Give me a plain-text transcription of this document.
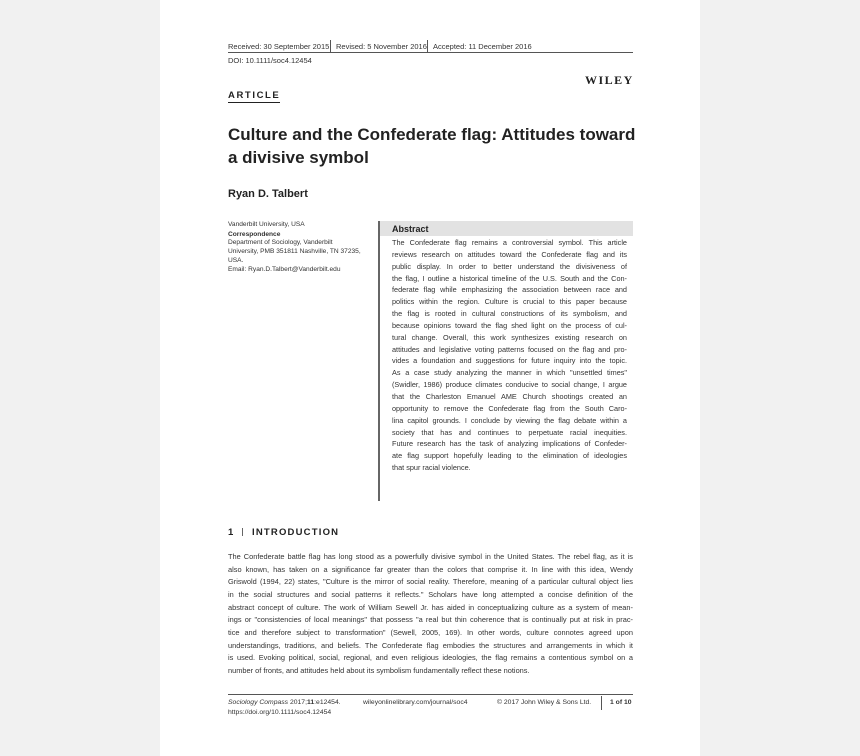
Received: 30 September 2015 Revised: 5 November 2016 Accepted: 11 December 2016
DOI: 10.1111/soc4.12454
WILEY
ARTICLE
Culture and the Confederate flag: Attitudes toward
a divisive symbol
Ryan D. Talbert
Vanderbilt University, USA
Correspondence
Department of Sociology, Vanderbilt
University, PMB 351811 Nashville, TN 37235,
USA.
Email: Ryan.D.Talbert@Vanderbilt.edu
Abstract
The Confederate flag remains a controversial symbol. This article
reviews research on attitudes toward the Confederate flag and its
public display. In order to better understand the divisiveness of
the flag, I outline a historical timeline of the U.S. South and the Con-
federate flag while emphasizing the association between race and
politics within the region. Culture is crucial to this paper because
the flag is rooted in cultural constructions of its symbolism, and
because opinions toward the flag shed light on the process of cul-
tural change. Overall, this work synthesizes existing research on
attitudes and legislative voting patterns focused on the flag and pro-
vides a foundation and suggestions for future inquiry into the topic.
As a case study analyzing the manner in which "unsettled times"
(Swidler, 1986) produce climates conducive to social change, I argue
that the Charleston Emanuel AME Church shootings created an
opportunity to remove the Confederate flag from the South Caro-
lina capitol grounds. I conclude by viewing the flag debate within a
society that has and continues to perpetuate racial inequities.
Future research has the task of analyzing implications of Confeder-
ate flag support hopefully leading to the elimination of ideologies
that spur racial violence.
1 INTRODUCTION
The Confederate battle flag has long stood as a powerfully divisive symbol in the United States. The rebel flag, as it is
also known, has taken on a significance far greater than the colors that comprise it. In line with this idea, Wendy
Griswold (1994, 22) states, "Culture is the mirror of social reality. Therefore, meaning of a particular cultural object lies
in the social structures and social patterns it reflects." Scholars have long attempted a concise definition of the
abstract concept of culture. The work of William Sewell Jr. has aided in conceptualizing culture as a system of mean-
ings or "consistencies of local meanings" that possess "a real but thin coherence that is continually put at risk in prac-
tice and therefore subject to transformation" (Sewell, 2005, 169). In other words, culture connotes agreed upon
understandings, traditions, and beliefs. The Confederate flag embodies the structures and arrangements in which it
is used. Evoking political, social, regional, and even religious ideologies, the flag remains a contentious symbol on a
number of fronts, and attitudes held about its symbolism fundamentally reflect these notions.
Sociology Compass 2017;11:e12454.
https://doi.org/10.1111/soc4.12454
wileyonlinelibrary.com/journal/soc4	© 2017 John Wiley & Sons Ltd.	1 of 10
